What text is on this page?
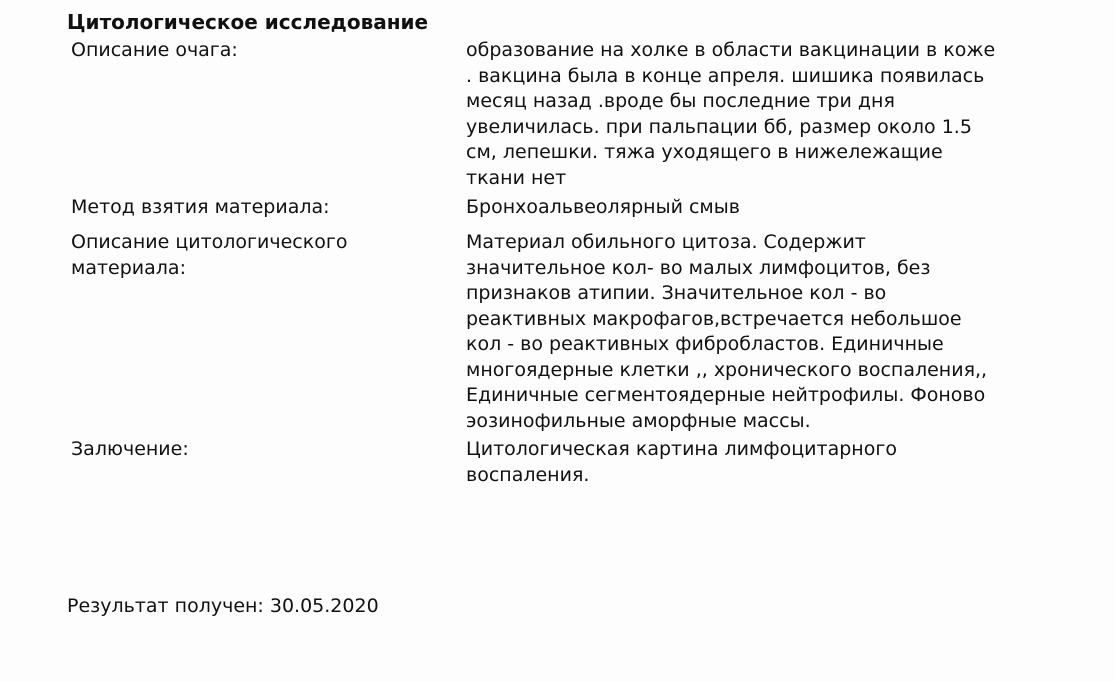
Цитологическое исследование
Описание очага:	образование на холке в области вакцинации в коже
. вакцина была в конце апреля. шишика появилась
месяц назад .вроде бы последние три дня
увеличилась. при пальпации бб, размер около 1.5
см, лепешки. тяжа уходящего в нижележащие
ткани нет
Метод взятия материала:	Бронхоальвеолярный смыв
Описание цитологического
материала:
Материал обильного цитоза. Содержит
значительное кол- во малых лимфоцитов, без
признаков атипии. Значительное кол - во
реактивных макрофагов,встречается небольшое
кол - во реактивных фибробластов. Единичные
многоядерные клетки ,, хронического воспаления,,
Единичные сегментоядерные нейтрофилы. Фоново
эозинофильные аморфные массы.
Залючение:	Цитологическая картина лимфоцитарного
воспаления.
Результат получен: 30.05.2020
